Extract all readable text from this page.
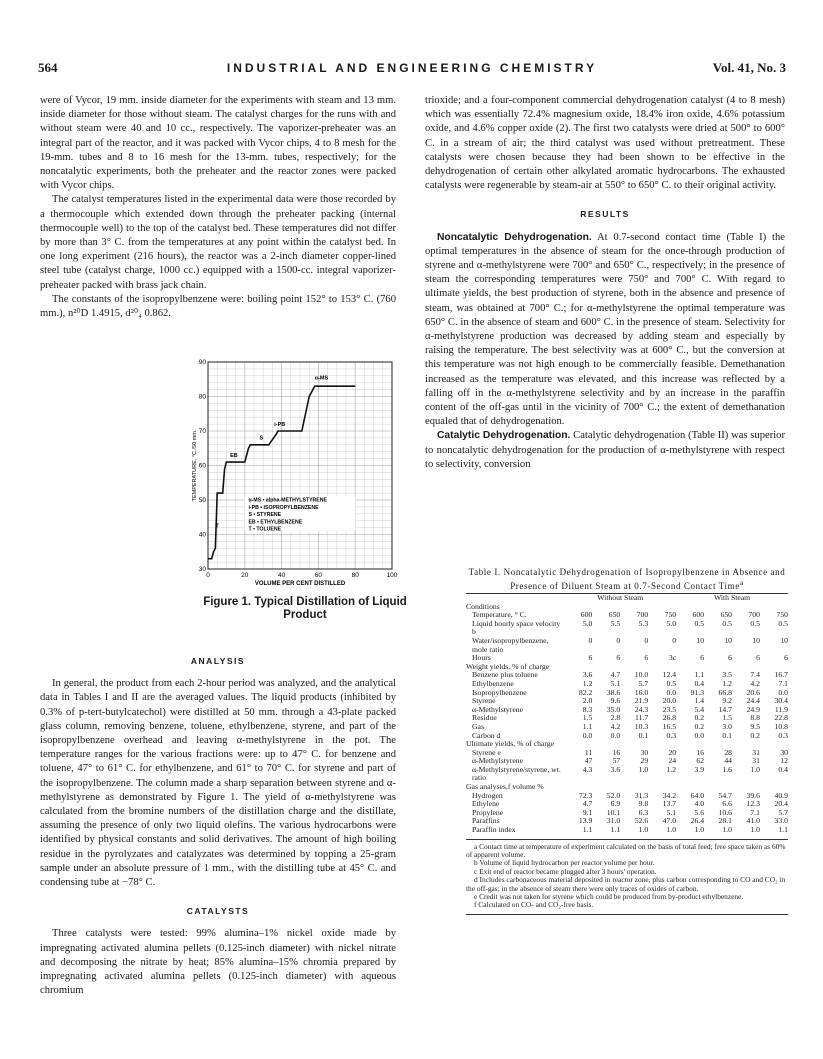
564	INDUSTRIAL AND ENGINEERING CHEMISTRY	Vol. 41, No. 3

were of Vycor, 19 mm. inside diameter for the experiments with steam and 13 mm. inside diameter for those without steam. The catalyst charges for the runs with and without steam were 40 and 10 cc., respectively. The vaporizer-preheater was an integral part of the reactor, and it was packed with Vycor chips, 4 to 8 mesh for the 19-mm. tubes and 8 to 16 mesh for the 13-mm. tubes, respectively; for the noncatalytic experiments, both the preheater and the reactor zones were packed with Vycor chips.

The catalyst temperatures listed in the experimental data were those recorded by a thermocouple which extended down through the preheater packing (internal thermocouple well) to the top of the catalyst bed. These temperatures did not differ by more than 3° C. from the temperatures at any point within the catalyst bed. In one long experiment (216 hours), the reactor was a 2-inch diameter copper-lined steel tube (catalyst charge, 1000 cc.) equipped with a 1500-cc. integral vaporizer-preheater packed with brass jack chain.

The constants of the isopropylbenzene were: boiling point 152° to 153° C. (760 mm.), n²⁰D 1.4915, d²⁰₄ 0.862.

0	20	40	60	80	100
30
40
50
60
70
80
90
VOLUME PER CENT DISTILLED
TEMPERATURE, °C./50 mm.
α-MS
i-PB
S
EB
T
α-MS • alpha-METHYLSTYRENE
i-PB • ISOPROPYLBENZENE
S • STYRENE
EB • ETHYLBENZENE
T • TOLUENE
Figure 1. Typical Distillation of Liquid Product
ANALYSIS

In general, the product from each 2-hour period was analyzed, and the analytical data in Tables I and II are the averaged values. The liquid products (inhibited by 0.3% of p-tert-butylcatechol) were distilled at 50 mm. through a 43-plate packed glass column, removing benzene, toluene, ethylbenzene, styrene, and part of the isopropylbenzene overhead and leaving α-methylstyrene in the pot. The temperature ranges for the various fractions were: up to 47° C. for benzene and toluene, 47° to 61° C. for ethylbenzene, and 61° to 70° C. for styrene and part of the isopropylbenzene. The column made a sharp separation between styrene and α-methylstyrene as demonstrated by Figure 1. The yield of α-methylstyrene was calculated from the bromine numbers of the distillation charge and the distillate, assuming the presence of only two liquid olefins. The various hydrocarbons were identified by physical constants and solid derivatives. The amount of high boiling residue in the pyrolyzates and catalyzates was determined by topping a 25-gram sample under an absolute pressure of 1 mm., with the distilling tube at 45° C. and condensing tube at −78° C.

CATALYSTS

Three catalysts were tested: 99% alumina–1% nickel oxide made by impregnating activated alumina pellets (0.125-inch diameter) with nickel nitrate and decomposing the nitrate by heat; 85% alumina–15% chromia prepared by impregnating activated alumina pellets (0.125-inch diameter) with aqueous chromium

trioxide; and a four-component commercial dehydrogenation catalyst (4 to 8 mesh) which was essentially 72.4% magnesium oxide, 18.4% iron oxide, 4.6% potassium oxide, and 4.6% copper oxide (2). The first two catalysts were dried at 500° to 600° C. in a stream of air; the third catalyst was used without pretreatment. These catalysts were chosen because they had been shown to be effective in the dehydrogenation of certain other alkylated aromatic hydrocarbons. The exhausted catalysts were regenerable by steam-air at 550° to 650° C. to their original activity.

RESULTS

Noncatalytic Dehydrogenation. At 0.7-second contact time (Table I) the optimal temperatures in the absence of steam for the once-through production of styrene and α-methylstyrene were 700° and 650° C., respectively; in the presence of steam the corresponding temperatures were 750° and 700° C. With regard to ultimate yields, the best production of styrene, both in the absence and presence of steam, was obtained at 700° C.; for α-methylstyrene the optimal temperature was 650° C. in the absence of steam and 600° C. in the presence of steam. Selectivity for α-methylstyrene production was decreased by adding steam and especially by raising the temperature. The best selectivity was at 600° C., but the conversion at this temperature was not high enough to be commercially feasible. Demethanation increased as the temperature was elevated, and this increase was reflected by a falling off in the α-methylstyrene selectivity and by an increase in the paraffin content of the off-gas until in the vicinity of 700° C.; the extent of demethanation equaled that of dehydrogenation.

Catalytic Dehydrogenation. Catalytic dehydrogenation (Table II) was superior to noncatalytic dehydrogenation for the production of α-methylstyrene with respect to selectivity, conversion

Table I. Noncatalytic Dehydrogenation of Isopropylbenzene in Absence and Presence of Diluent Steam at 0.7-Second Contact Time$^a$
	Without Steam				With Steam			
Conditions								
Temperature, ° C.	600	650	700	750	600	650	700	750
Liquid hourly space velocity b	5.0	5.5	5.3	5.0	0.5	0.5	0.5	0.5
Water/isopropylbenzene, mole ratio	0	0	0	0	10	10	10	10
Hours	6	6	6	3c	6	6	6	6
Weight yields, % of charge								
Benzene plus toluene	3.6	4.7	10.0	12.4	1.1	3.5	7.4	16.7
Ethylbenzene	1.2	5.1	5.7	0.5	0.4	1.2	4.2	7.1
Isopropylbenzene	82.2	38.6	16.0	0.0	91.3	66.8	20.6	0.0
Styrene	2.0	9.6	21.9	20.0	1.4	9.2	24.4	30.4
α-Methylstyrene	8.3	35.0	24.3	23.5	5.4	14.7	24.9	11.9
Residue	1.5	2.8	11.7	26.8	0.2	1.5	8.8	22.8
Gas	1.1	4.2	10.3	16.5	0.2	3.0	9.5	10.8
Carbon d	0.0	0.0	0.1	0.3	0.0	0.1	0.2	0.3
Ultimate yields, % of charge								
Styrene e	11	16	30	20	16	28	31	30
α-Methylstyrene	47	57	29	24	62	44	31	12
α-Methylstyrene/styrene, wt. ratio	4.3	3.6	1.0	1.2	3.9	1.6	1.0	0.4
Gas analyses,f volume %								
Hydrogen	72.3	52.0	31.3	34.2	64.0	54.7	39.6	40.9
Ethylene	4.7	6.9	9.8	13.7	4.0	6.6	12.3	20.4
Propylene	9.1	10.1	6.3	5.1	5.6	10.6	7.1	5.7
Paraffins	13.9	31.0	52.6	47.0	26.4	28.1	41.0	33.0
Paraffin index	1.1	1.1	1.0	1.0	1.0	1.0	1.0	1.1
a Contact time at temperature of experiment calculated on the basis of total feed; free space taken as 60% of apparent volume.
b Volume of liquid hydrocarbon per reactor volume per hour.
c Exit end of reactor became plugged after 3 hours' operation.
d Includes carbonaceous material deposited in reactor zone, plus carbon corresponding to CO and CO₂ in the off-gas; in the absence of steam there were only traces of oxides of carbon.
e Credit was not taken for styrene which could be produced from by-product ethylbenzene.
f Calculated on CO- and CO₂-free basis.
